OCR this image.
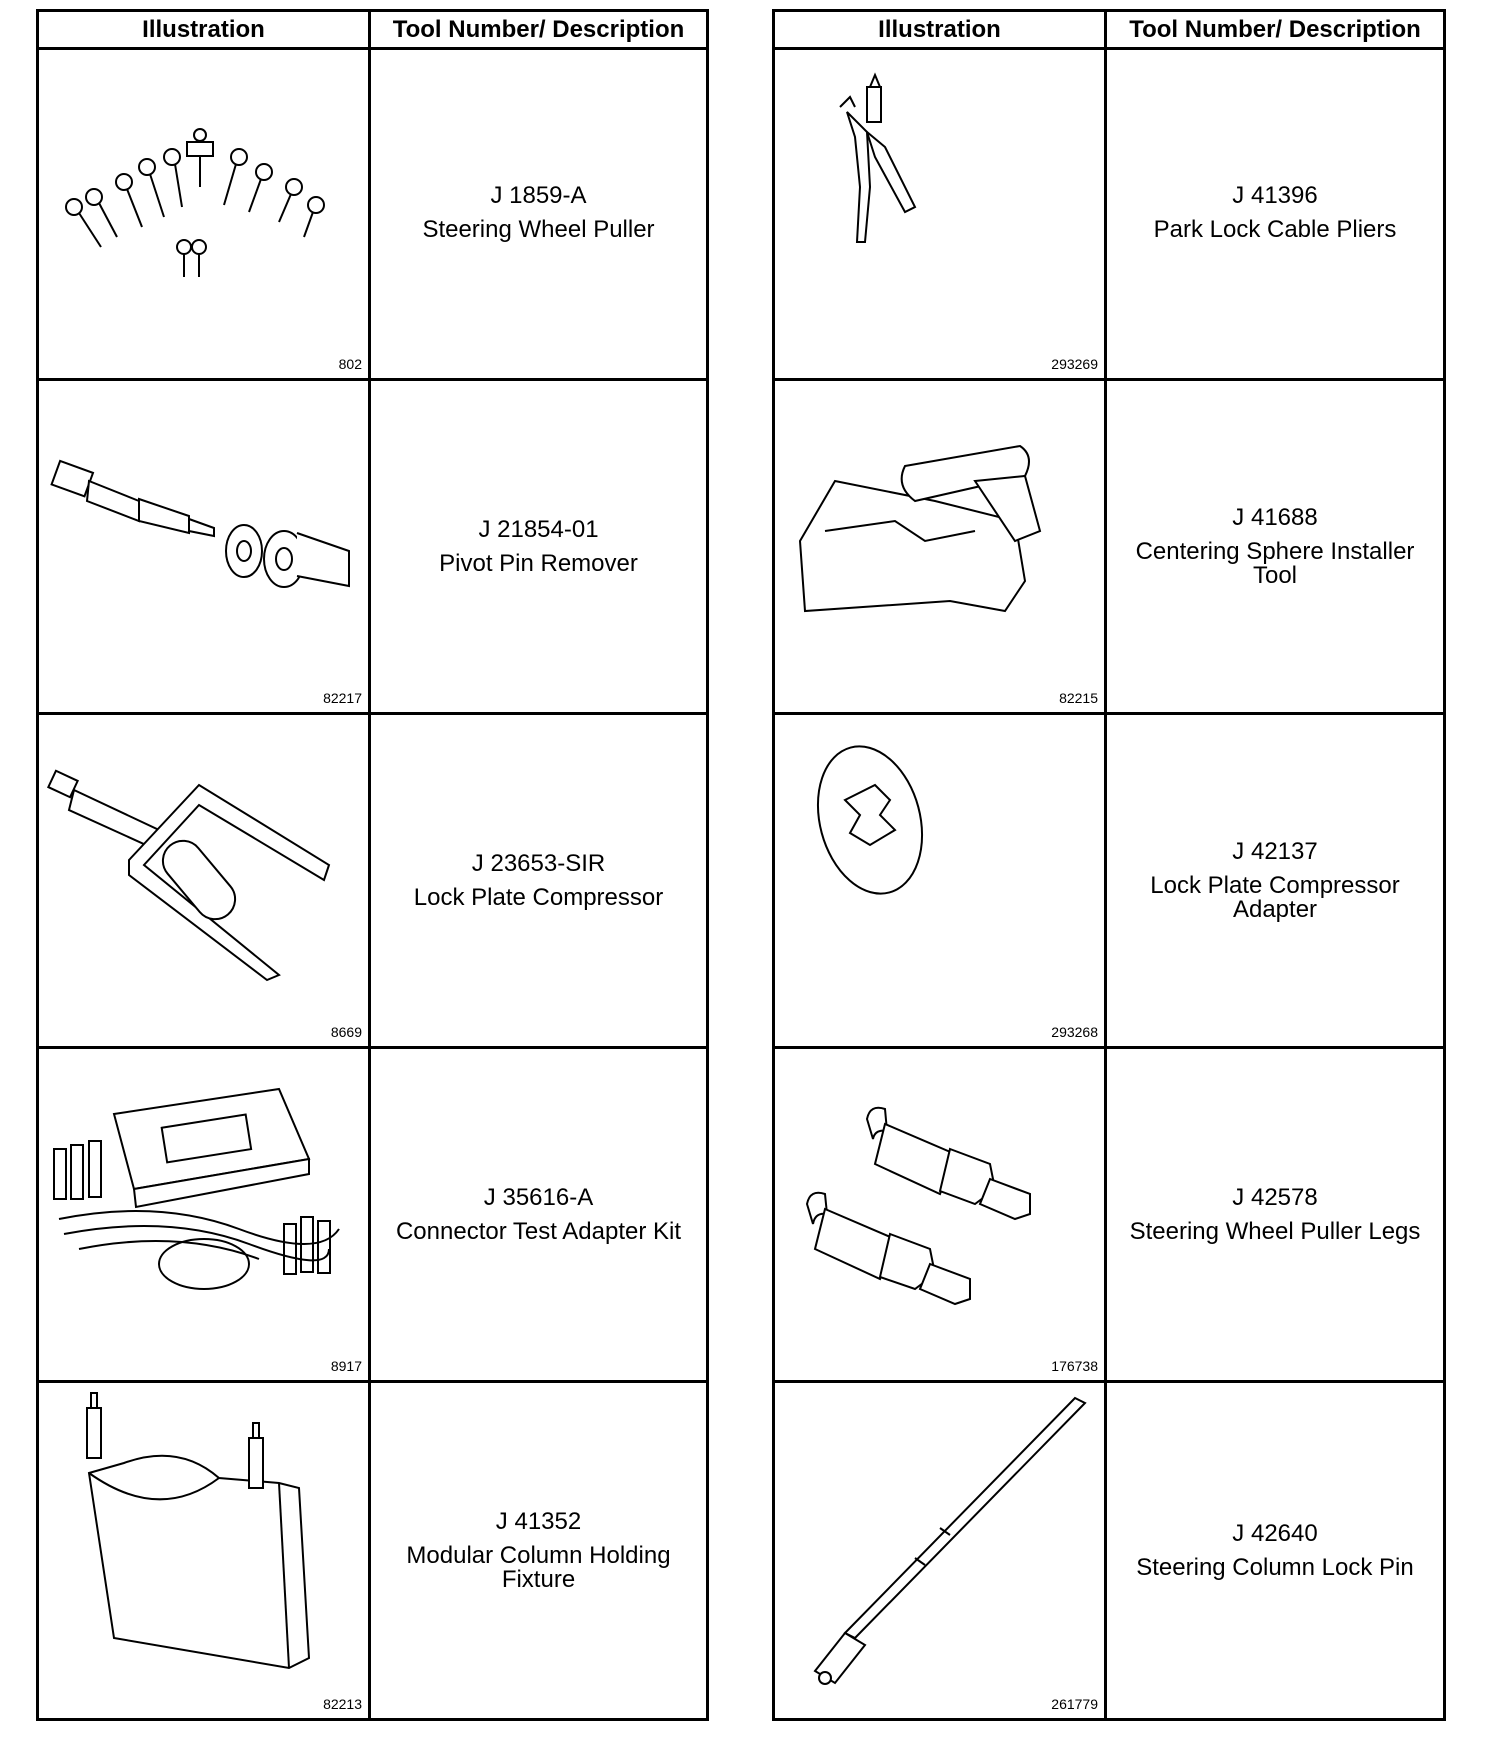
Illustration	Tool Number/ Description
802
J 1859-A
Steering Wheel Puller
82217
J 21854-01
Pivot Pin Remover
8669
J 23653-SIR
Lock Plate Compressor
8917
J 35616-A
Connector Test Adapter Kit
82213
J 41352
Modular Column Holding Fixture
Illustration	Tool Number/ Description
293269
J 41396
Park Lock Cable Pliers
82215
J 41688
Centering Sphere Installer Tool
293268
J 42137
Lock Plate Compressor Adapter
176738
J 42578
Steering Wheel Puller Legs
261779
J 42640
Steering Column Lock Pin
